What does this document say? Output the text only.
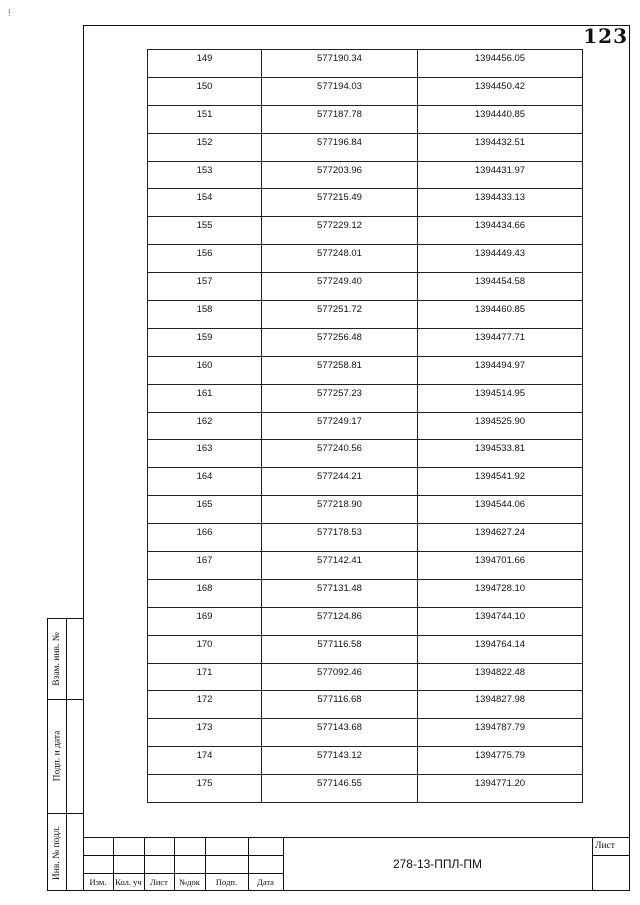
!
123
149	577190.34	1394456.05
150	577194.03	1394450.42
151	577187.78	1394440.85
152	577196.84	1394432.51
153	577203.96	1394431.97
154	577215.49	1394433.13
155	577229.12	1394434.66
156	577248.01	1394449.43
157	577249.40	1394454.58
158	577251.72	1394460.85
159	577256.48	1394477.71
160	577258.81	1394494.97
161	577257.23	1394514.95
162	577249.17	1394525.90
163	577240.56	1394533.81
164	577244.21	1394541.92
165	577218.90	1394544.06
166	577178.53	1394627.24
167	577142.41	1394701.66
168	577131.48	1394728.10
169	577124.86	1394744.10
170	577116.58	1394764.14
171	577092.46	1394822.48
172	577116.68	1394827.98
173	577143.68	1394787.79
174	577143.12	1394775.79
175	577146.55	1394771.20
Взам. инв. №
Подп. и дата
Инв. № подл.
Изм.	Кол. уч Лист	№док	Подп.	Дата
278-13-ППЛ-ПМ
Лист
